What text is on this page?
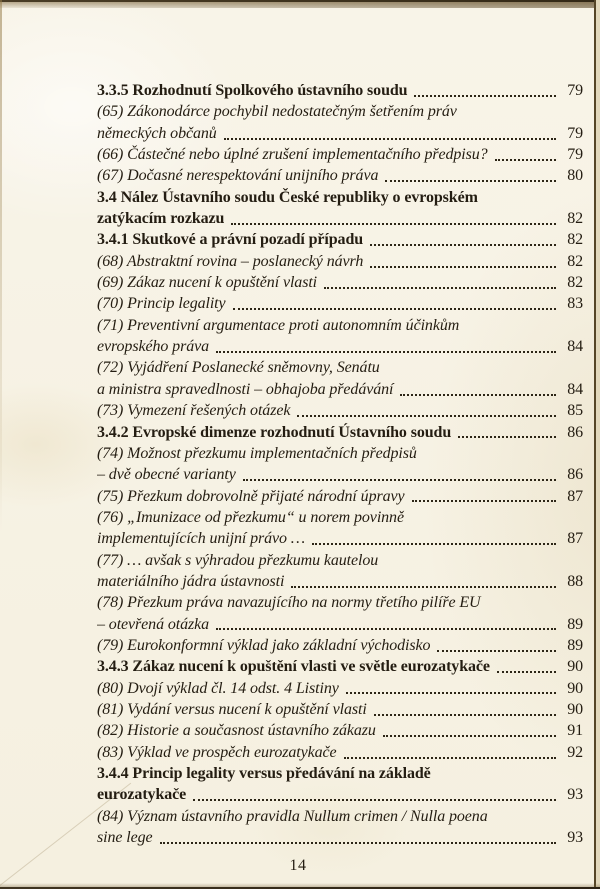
3.3.5 Rozhodnutí Spolkového ústavního soudu	79
(65) Zákonodárce pochybil nedostatečným šetřením práv
německých občanů	79
(66) Částečné nebo úplné zrušení implementačního předpisu?	79
(67) Dočasné nerespektování unijního práva	80
3.4 Nález Ústavního soudu České republiky o evropském
zatýkacím rozkazu	82
3.4.1 Skutkové a právní pozadí případu	82
(68) Abstraktní rovina – poslanecký návrh	82
(69) Zákaz nucení k opuštění vlasti	82
(70) Princip legality	83
(71) Preventivní argumentace proti autonomním účinkům
evropského práva	84
(72) Vyjádření Poslanecké sněmovny, Senátu
a ministra spravedlnosti – obhajoba předávání	84
(73) Vymezení řešených otázek	85
3.4.2 Evropské dimenze rozhodnutí Ústavního soudu	86
(74) Možnost přezkumu implementačních předpisů
– dvě obecné varianty	86
(75) Přezkum dobrovolně přijaté národní úpravy	87
(76) „Imunizace od přezkumu“ u norem povinně
implementujících unijní právo …	87
(77) … avšak s výhradou přezkumu kautelou
materiálního jádra ústavnosti	88
(78) Přezkum práva navazujícího na normy třetího pilíře EU
– otevřená otázka	89
(79) Eurokonformní výklad jako základní východisko	89
3.4.3 Zákaz nucení k opuštění vlasti ve světle eurozatykače	90
(80) Dvojí výklad čl. 14 odst. 4 Listiny	90
(81) Vydání versus nucení k opuštění vlasti	90
(82) Historie a současnost ústavního zákazu	91
(83) Výklad ve prospěch eurozatykače	92
3.4.4 Princip legality versus předávání na základě
eurozatykače	93
(84) Význam ústavního pravidla Nullum crimen / Nulla poena
sine lege	93
14
